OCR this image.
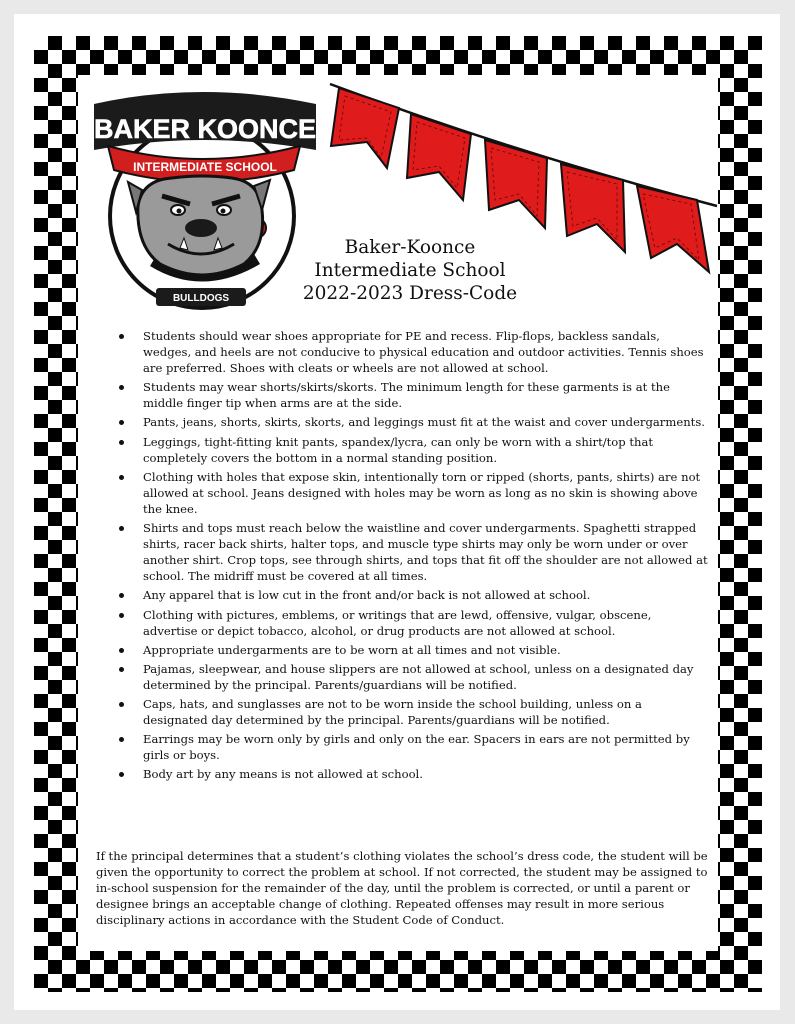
BAKER KOONCE
INTERMEDIATE SCHOOL
BULLDOGS
Baker-Koonce
Intermediate School
2022-2023 Dress-Code
Students should wear shoes appropriate for PE and recess. Flip-flops, backless sandals, wedges, and heels are not conducive to physical education and outdoor activities. Tennis shoes are preferred. Shoes with cleats or wheels are not allowed at school.
Students may wear shorts/skirts/skorts. The minimum length for these garments is at the middle finger tip when arms are at the side.
Pants, jeans, shorts, skirts, skorts, and leggings must fit at the waist and cover undergarments.
Leggings, tight-fitting knit pants, spandex/lycra, can only be worn with a shirt/top that completely covers the bottom in a normal standing position.
Clothing with holes that expose skin, intentionally torn or ripped (shorts, pants, shirts) are not allowed at school. Jeans designed with holes may be worn as long as no skin is showing above the knee.
Shirts and tops must reach below the waistline and cover undergarments. Spaghetti strapped shirts, racer back shirts, halter tops, and muscle type shirts may only be worn under or over another shirt. Crop tops, see through shirts, and tops that fit off the shoulder are not allowed at school. The midriff must be covered at all times.
Any apparel that is low cut in the front and/or back is not allowed at school.
Clothing with pictures, emblems, or writings that are lewd, offensive, vulgar, obscene, advertise or depict tobacco, alcohol, or drug products are not allowed at school.
Appropriate undergarments are to be worn at all times and not visible.
Pajamas, sleepwear, and house slippers are not allowed at school, unless on a designated day determined by the principal. Parents/guardians will be notified.
Caps, hats, and sunglasses are not to be worn inside the school building, unless on a designated day determined by the principal. Parents/guardians will be notified.
Earrings may be worn only by girls and only on the ear. Spacers in ears are not permitted by girls or boys.
Body art by any means is not allowed at school.

If the principal determines that a student’s clothing violates the school’s dress code, the student will be given the opportunity to correct the problem at school. If not corrected, the student may be assigned to in-school suspension for the remainder of the day, until the problem is corrected, or until a parent or designee brings an acceptable change of clothing. Repeated offenses may result in more serious disciplinary actions in accordance with the Student Code of Conduct.
